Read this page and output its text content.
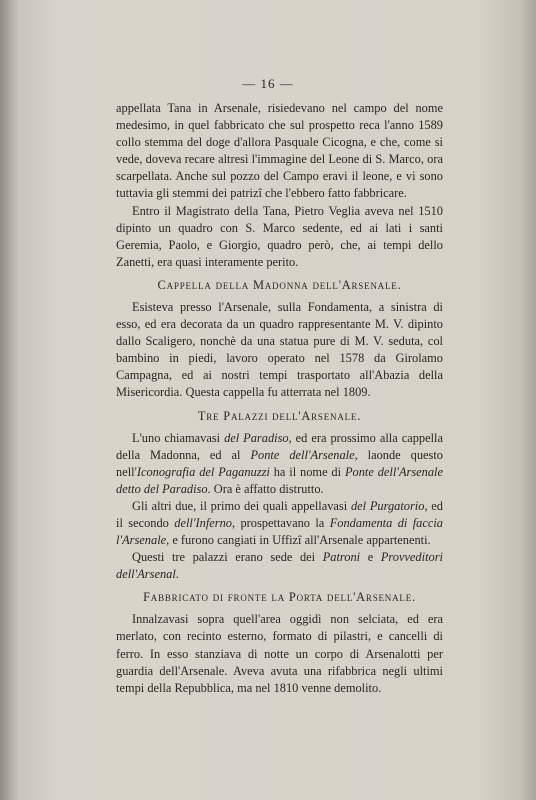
— 16 —

appellata Tana in Arsenale, risiedevano nel campo del nome medesimo, in quel fabbricato che sul prospetto reca l'anno 1589 collo stemma del doge d'allora Pasquale Cicogna, e che, come si vede, doveva recare altresì l'immagine del Leone di S. Marco, ora scarpellata. Anche sul pozzo del Campo eravi il leone, e vi sono tuttavia gli stemmi dei patrizî che l'ebbero fatto fabbricare.

Entro il Magistrato della Tana, Pietro Veglia aveva nel 1510 dipinto un quadro con S. Marco sedente, ed ai lati i santi Geremia, Paolo, e Giorgio, quadro però, che, ai tempi dello Zanetti, era quasi interamente perito.

Cappella della Madonna dell'Arsenale.

Esisteva presso l'Arsenale, sulla Fondamenta, a sinistra di esso, ed era decorata da un quadro rappresentante M. V. dipinto dallo Scaligero, nonchè da una statua pure di M. V. seduta, col bambino in piedi, lavoro operato nel 1578 da Girolamo Campagna, ed ai nostri tempi trasportato all'Abazia della Misericordia. Questa cappella fu atterrata nel 1809.

Tre Palazzi dell'Arsenale.

L'uno chiamavasi del Paradiso, ed era prossimo alla cappella della Madonna, ed al Ponte dell'Arsenale, laonde questo nell'Iconografia del Paganuzzi ha il nome di Ponte dell'Arsenale detto del Paradiso. Ora è affatto distrutto.

Gli altri due, il primo dei quali appellavasi del Purgatorio, ed il secondo dell'Inferno, prospettavano la Fondamenta di faccia l'Arsenale, e furono cangiati in Uffizî all'Arsenale appartenenti.

Questi tre palazzi erano sede dei Patroni e Provveditori dell'Arsenal.

Fabbricato di fronte la Porta dell'Arsenale.

Innalzavasi sopra quell'area oggidì non selciata, ed era merlato, con recinto esterno, formato di pilastri, e cancelli di ferro. In esso stanziava di notte un corpo di Arsenalotti per guardia dell'Arsenale. Aveva avuta una rifabbrica negli ultimi tempi della Repubblica, ma nel 1810 venne demolito.
